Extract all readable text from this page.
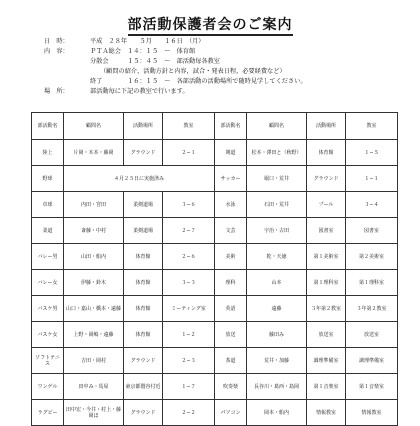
部活動保護者会のご案内
日　時：	平成　２８年　　５月　　１６日　（月）
内　容：	ＰＴＡ総会　１４：１５　～　体育館
分散会　　　１５：４５　～　部活動毎各教室
（顧問の紹介，活動方針と内容，試合・発表日程，必要経費など）
終了　　　　１６：１５　～　各部活動の活動場所で随時見学してください。
場　所：	部活動毎に下記の教室で行います。
部活動名	顧問名	活動場所	教室	部活動名	顧問名	活動場所	教室
陸上	片岡・木本・藤岡	グラウンド	２−１	剣道	松本・澤田と（秋野）	体育館	１−５
野球	４月２５日に実施済み			サッカー	堀口・荒井	グラウンド	１−１
卓球	内田・宮田	柔剣道場	３−６	水泳	石田・荒井	プール	３−４
柔道	斎藤・中村	柔剣道場	２−７	文芸	宇治・古田	図書室	図書室
バレー男	山田・船内	体育館	２−６	美術	乾・天徳	第１美術室	第２美術室
バレー女	伊藤・鈴木	体育館	３−３	理科	山本	第１理科室	第１理科室
バスケ男	山口・嘉山・橋本・遠藤	体育館	ミーティング室	英語	遠藤	３年第２教室	３年第２教室
バスケ女	上野・岡嶋・遠藤	体育館	１−２	放送	藤田み	放送室	放送室
ソフトテニス	吉田・岡村	グラウンド	２−３	茶道	荒井・加藤	調理準備室	調理準備室
ワンゲル	田中み・馬屋	東京都鷲谷付近	１−７	吹奏楽	長谷川・葛西・島岡	第１音楽室	第１音楽室
ラグビー	田中宏・今井・村上・藤岡ほ	グラウンド	２−２	パソコン	岡本・船内	情報教室	情報教室
